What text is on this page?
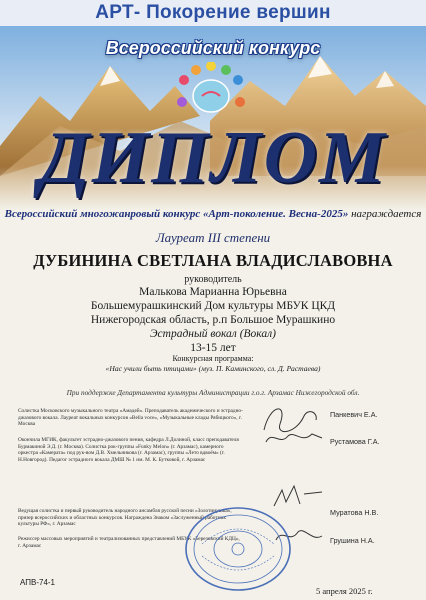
АРТ- Покорение вершин
Всероссийский конкурс
ДИПЛОМ
Всероссийский многожанровый конкурс «Арт-поколение. Весна-2025» награждается
Лауреат III степени
ДУБИНИНА СВЕТЛАНА ВЛАДИСЛАВОВНА
руководитель
Малькова Марианна Юрьевна
Большемурашкинский Дом культуры МБУК ЦКД
Нижегородская область, р.п Большое Мурашкино
Эстрадный вокал (Вокал)
13-15 лет
Конкурсная программа:
«Нас учили быть птицами» (муз. П. Каминского, сл. Д. Растаева)
При поддержке Департамента культуры Администрации г.о.г. Арзамас Нижегородской обл.
Солистка Московского музыкального театра «Амадей». Преподаватель академического и эстрадно-джазового вокала. Лауреат вокальных конкурсов «Bella voce», «Музыкальные клады Рябицкого», г. Москва
Панкевич Е.А.
Окончила МГИК, факультет эстрадно-джазового пения, кафедра Л.Долиной, класс преподавателя Бурмакиной Э.Д. (г. Москва). Солистка рок-группы «Funky Melon» (г. Арзамас), камерного оркестра «Камерата» под рук-вом Д.В. Хмельникова (г. Арзамас), группы «Лето вдвоём» (г. Н.Новгород). Педагог эстрадного вокала ДМШ № 1 им. М. К. Бутковой, г. Арзамас
Рустамова Г.А.
Ведущая солистка и первый руководитель народного ансамбля русской песни «Золотинушка», призер всероссийских и областных конкурсов. Награждена Знаком «Заслуженный работник культуры РФ», г. Арзамас
Муратова Н.В.
Режиссер массовых мероприятий и театрализованных представлений МБУК «Березовский КДЦ», г. Арзамас
Грушина Н.А.
АПВ-74-1
5 апреля 2025 г.
